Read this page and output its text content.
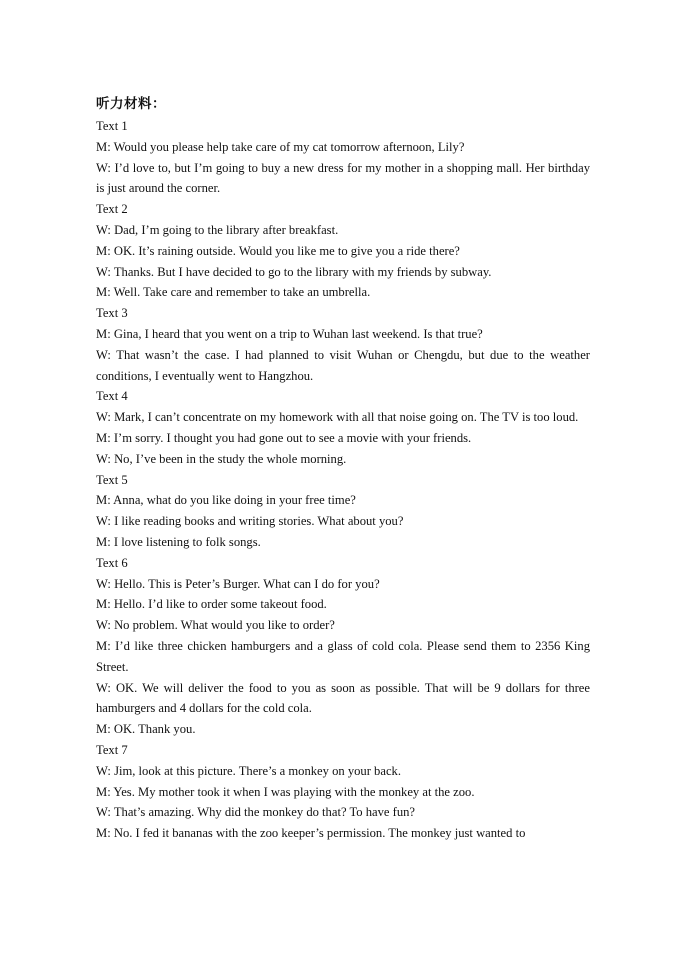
听力材料：

Text 1

M: Would you please help take care of my cat tomorrow afternoon, Lily?

W: I’d love to, but I’m going to buy a new dress for my mother in a shopping mall. Her birthday is just around the corner.

Text 2

W: Dad, I’m going to the library after breakfast.

M: OK. It’s raining outside. Would you like me to give you a ride there?

W: Thanks. But I have decided to go to the library with my friends by subway.

M: Well. Take care and remember to take an umbrella.

Text 3

M: Gina, I heard that you went on a trip to Wuhan last weekend. Is that true?

W: That wasn’t the case. I had planned to visit Wuhan or Chengdu, but due to the weather conditions, I eventually went to Hangzhou.

Text 4

W: Mark, I can’t concentrate on my homework with all that noise going on. The TV is too loud.

M: I’m sorry. I thought you had gone out to see a movie with your friends.

W: No, I’ve been in the study the whole morning.

Text 5

M: Anna, what do you like doing in your free time?

W: I like reading books and writing stories. What about you?

M: I love listening to folk songs.

Text 6

W: Hello. This is Peter’s Burger. What can I do for you?

M: Hello. I’d like to order some takeout food.

W: No problem. What would you like to order?

M: I’d like three chicken hamburgers and a glass of cold cola. Please send them to 2356 King Street.

W: OK. We will deliver the food to you as soon as possible. That will be 9 dollars for three hamburgers and 4 dollars for the cold cola.

M: OK. Thank you.

Text 7

W: Jim, look at this picture. There’s a monkey on your back.

M: Yes. My mother took it when I was playing with the monkey at the zoo.

W: That’s amazing. Why did the monkey do that? To have fun?

M: No. I fed it bananas with the zoo keeper’s permission. The monkey just wanted to
